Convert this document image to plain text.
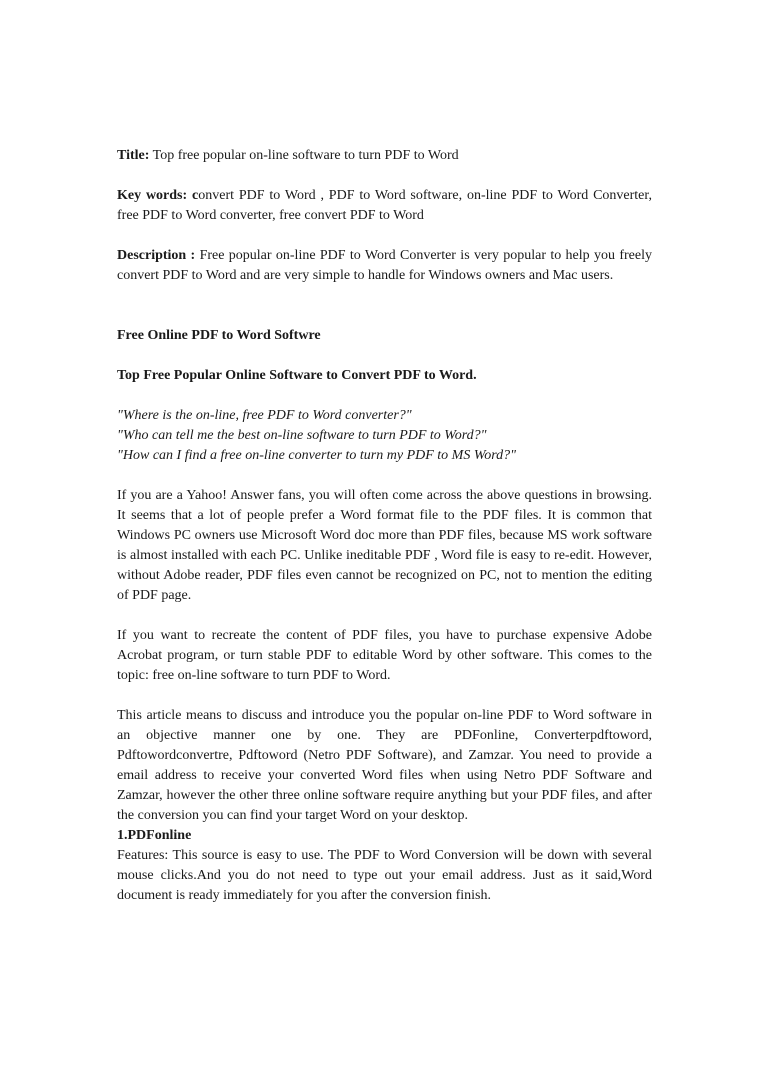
Title: Top free popular on-line software to turn PDF to Word

Key words: convert PDF to Word , PDF to Word software, on-line PDF to Word Converter, free PDF to Word converter, free convert PDF to Word

Description : Free popular on-line PDF to Word Converter is very popular to help you freely convert PDF to Word and are very simple to handle for Windows owners and Mac users.

Free Online PDF to Word Softwre

Top Free Popular Online Software to Convert PDF to Word.

"Where is the on-line, free PDF to Word converter?"
"Who can tell me the best on-line software to turn PDF to Word?"
"How can I find a free on-line converter to turn my PDF to MS Word?"

If you are a Yahoo! Answer fans, you will often come across the above questions in browsing. It seems that a lot of people prefer a Word format file to the PDF files. It is common that Windows PC owners use Microsoft Word doc more than PDF files, because MS work software is almost installed with each PC. Unlike ineditable PDF , Word file is easy to re-edit. However, without Adobe reader, PDF files even cannot be recognized on PC, not to mention the editing of PDF page.

If you want to recreate the content of PDF files, you have to purchase expensive Adobe Acrobat program, or turn stable PDF to editable Word by other software. This comes to the topic: free on-line software to turn PDF to Word.

This article means to discuss and introduce you the popular on-line PDF to Word software in an objective manner one by one. They are PDFonline, Converterpdftoword, Pdftowordconvertre, Pdftoword (Netro PDF Software), and Zamzar. You need to provide a email address to receive your converted Word files when using Netro PDF Software and Zamzar, however the other three online software require anything but your PDF files, and after the conversion you can find your target Word on your desktop.

1.PDFonline

Features: This source is easy to use. The PDF to Word Conversion will be down with several mouse clicks.And you do not need to type out your email address. Just as it said,Word document is ready immediately for you after the conversion finish.
